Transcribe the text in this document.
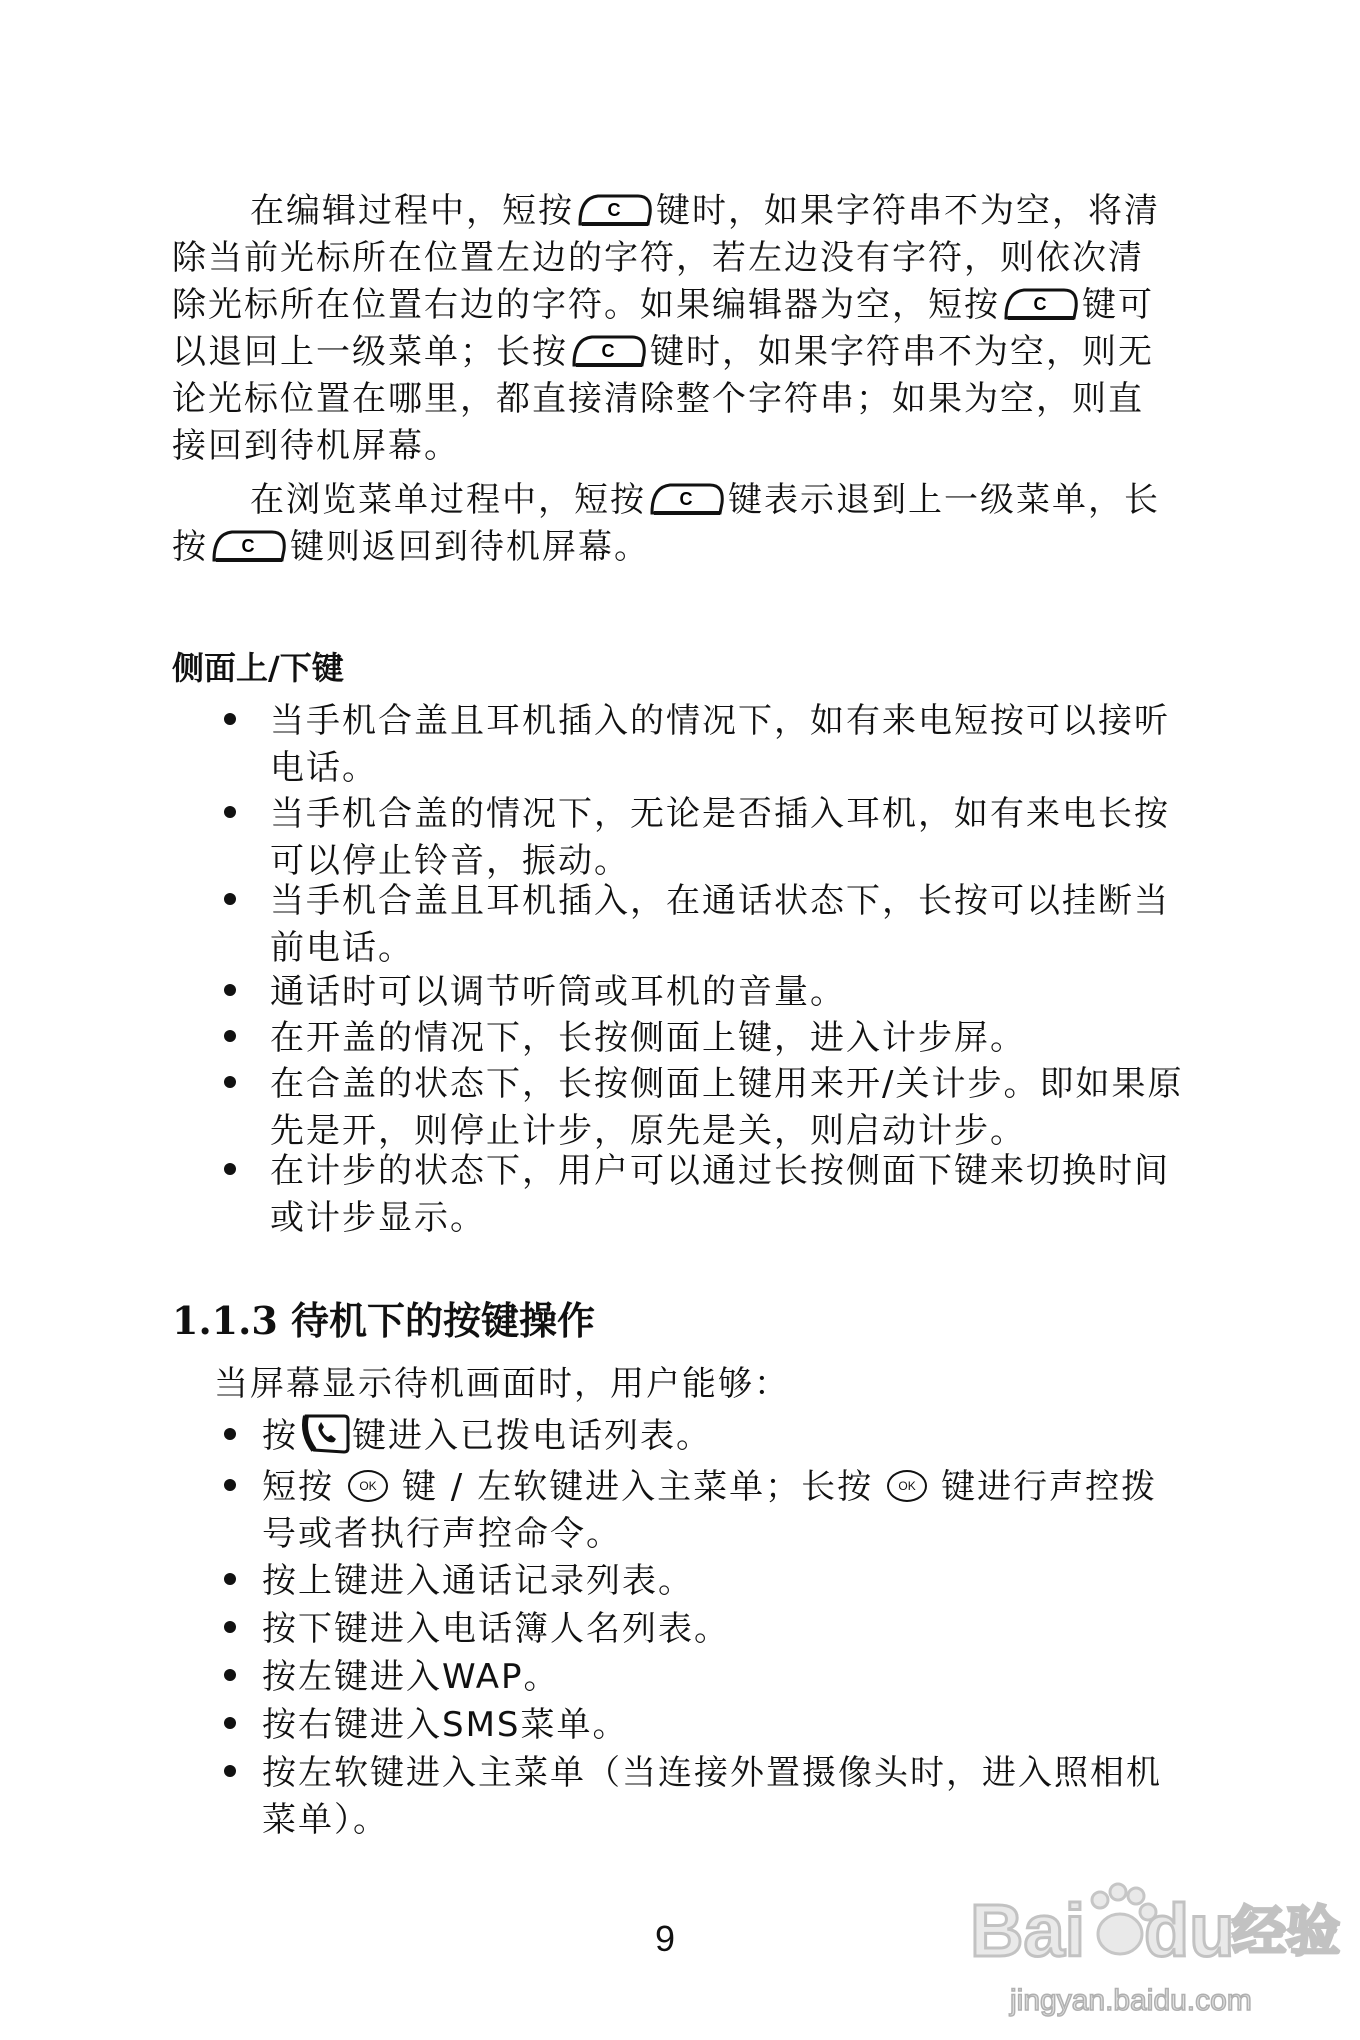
在编辑过程中，短按 C 键时，如果字符串不为空，将清
除当前光标所在位置左边的字符，若左边没有字符，则依次清
除光标所在位置右边的字符。如果编辑器为空，短按 C 键可
以退回上一级菜单；长按 C 键时，如果字符串不为空，则无
论光标位置在哪里，都直接清除整个字符串；如果为空，则直
接回到待机屏幕。
在浏览菜单过程中，短按 C 键表示退到上一级菜单，长
按 C 键则返回到待机屏幕。
侧面上/下键
当手机合盖且耳机插入的情况下，如有来电短按可以接听
电话。
当手机合盖的情况下，无论是否插入耳机，如有来电长按
可以停止铃音，振动。
当手机合盖且耳机插入，在通话状态下，长按可以挂断当
前电话。
通话时可以调节听筒或耳机的音量。
在开盖的情况下，长按侧面上键，进入计步屏。
在合盖的状态下，长按侧面上键用来开/关计步。即如果原
先是开，则停止计步，原先是关，则启动计步。
在计步的状态下，用户可以通过长按侧面下键来切换时间
或计步显示。
1.1.3 待机下的按键操作
当屏幕显示待机画面时，用户能够：
按 键进入已拨电话列表。
短按 OK 键 / 左软键进入主菜单；长按 OK 键进行声控拨
号或者执行声控命令。
按上键进入通话记录列表。
按下键进入电话簿人名列表。
按左键进入WAP。
按右键进入SMS菜单。
按左软键进入主菜单（当连接外置摄像头时，进入照相机
菜单）。
9	Bai du
经验
jingyan.baidu.com
